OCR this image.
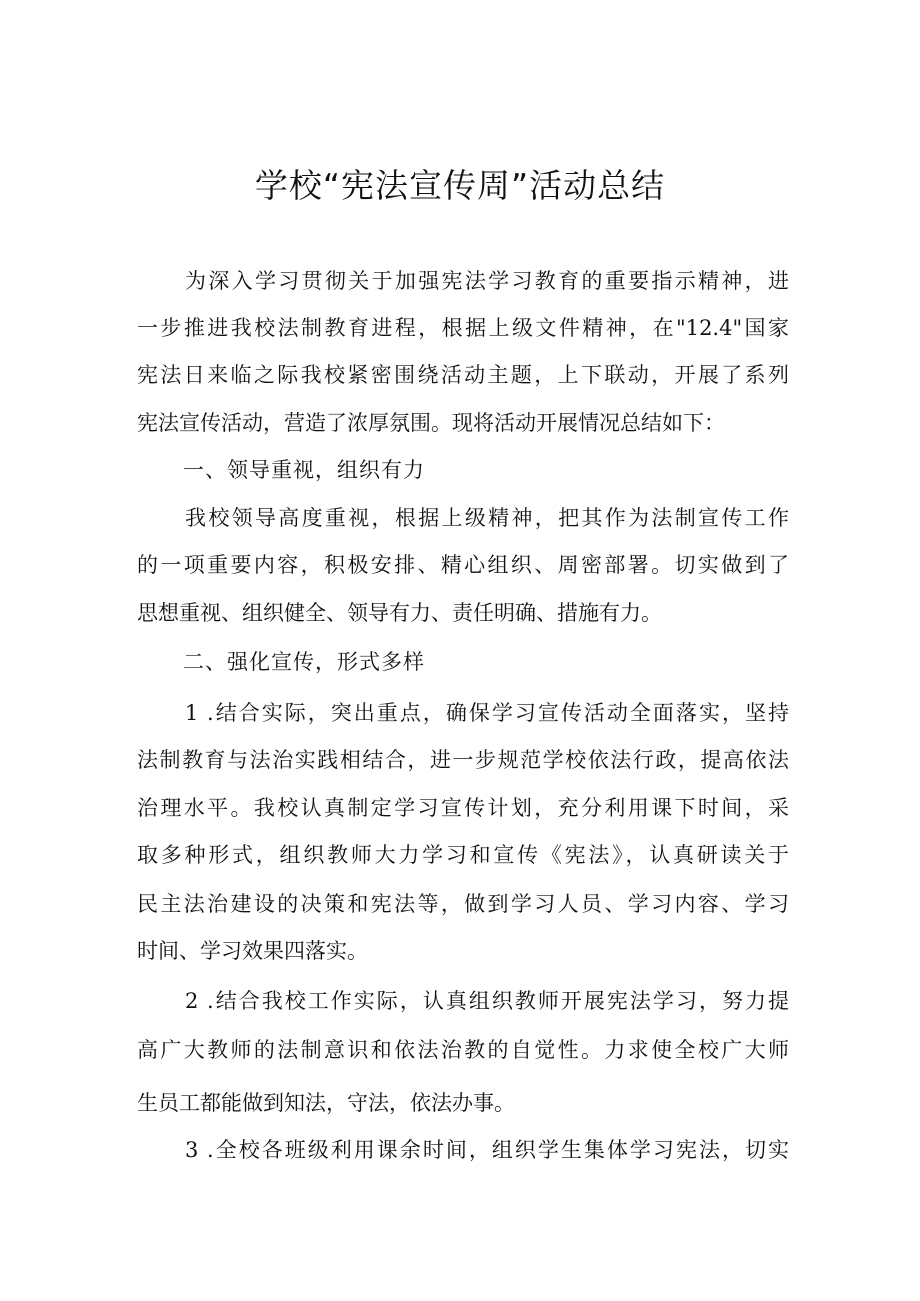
学校“宪法宣传周”活动总结
为深入学习贯彻关于加强宪法学习教育的重要指示精神，进
一步推进我校法制教育进程，根据上级文件精神，在"12.4"国家
宪法日来临之际我校紧密围绕活动主题，上下联动，开展了系列
宪法宣传活动，营造了浓厚氛围。现将活动开展情况总结如下：
一、领导重视，组织有力
我校领导高度重视，根据上级精神，把其作为法制宣传工作
的一项重要内容，积极安排、精心组织、周密部署。切实做到了
思想重视、组织健全、领导有力、责任明确、措施有力。
二、强化宣传，形式多样
1 .结合实际，突出重点，确保学习宣传活动全面落实，坚持
法制教育与法治实践相结合，进一步规范学校依法行政，提高依法
治理水平。我校认真制定学习宣传计划，充分利用课下时间，采
取多种形式，组织教师大力学习和宣传《宪法》，认真研读关于
民主法治建设的决策和宪法等，做到学习人员、学习内容、学习
时间、学习效果四落实。
2 .结合我校工作实际，认真组织教师开展宪法学习，努力提
高广大教师的法制意识和依法治教的自觉性。力求使全校广大师
生员工都能做到知法，守法，依法办事。
3 .全校各班级利用课余时间，组织学生集体学习宪法，切实
